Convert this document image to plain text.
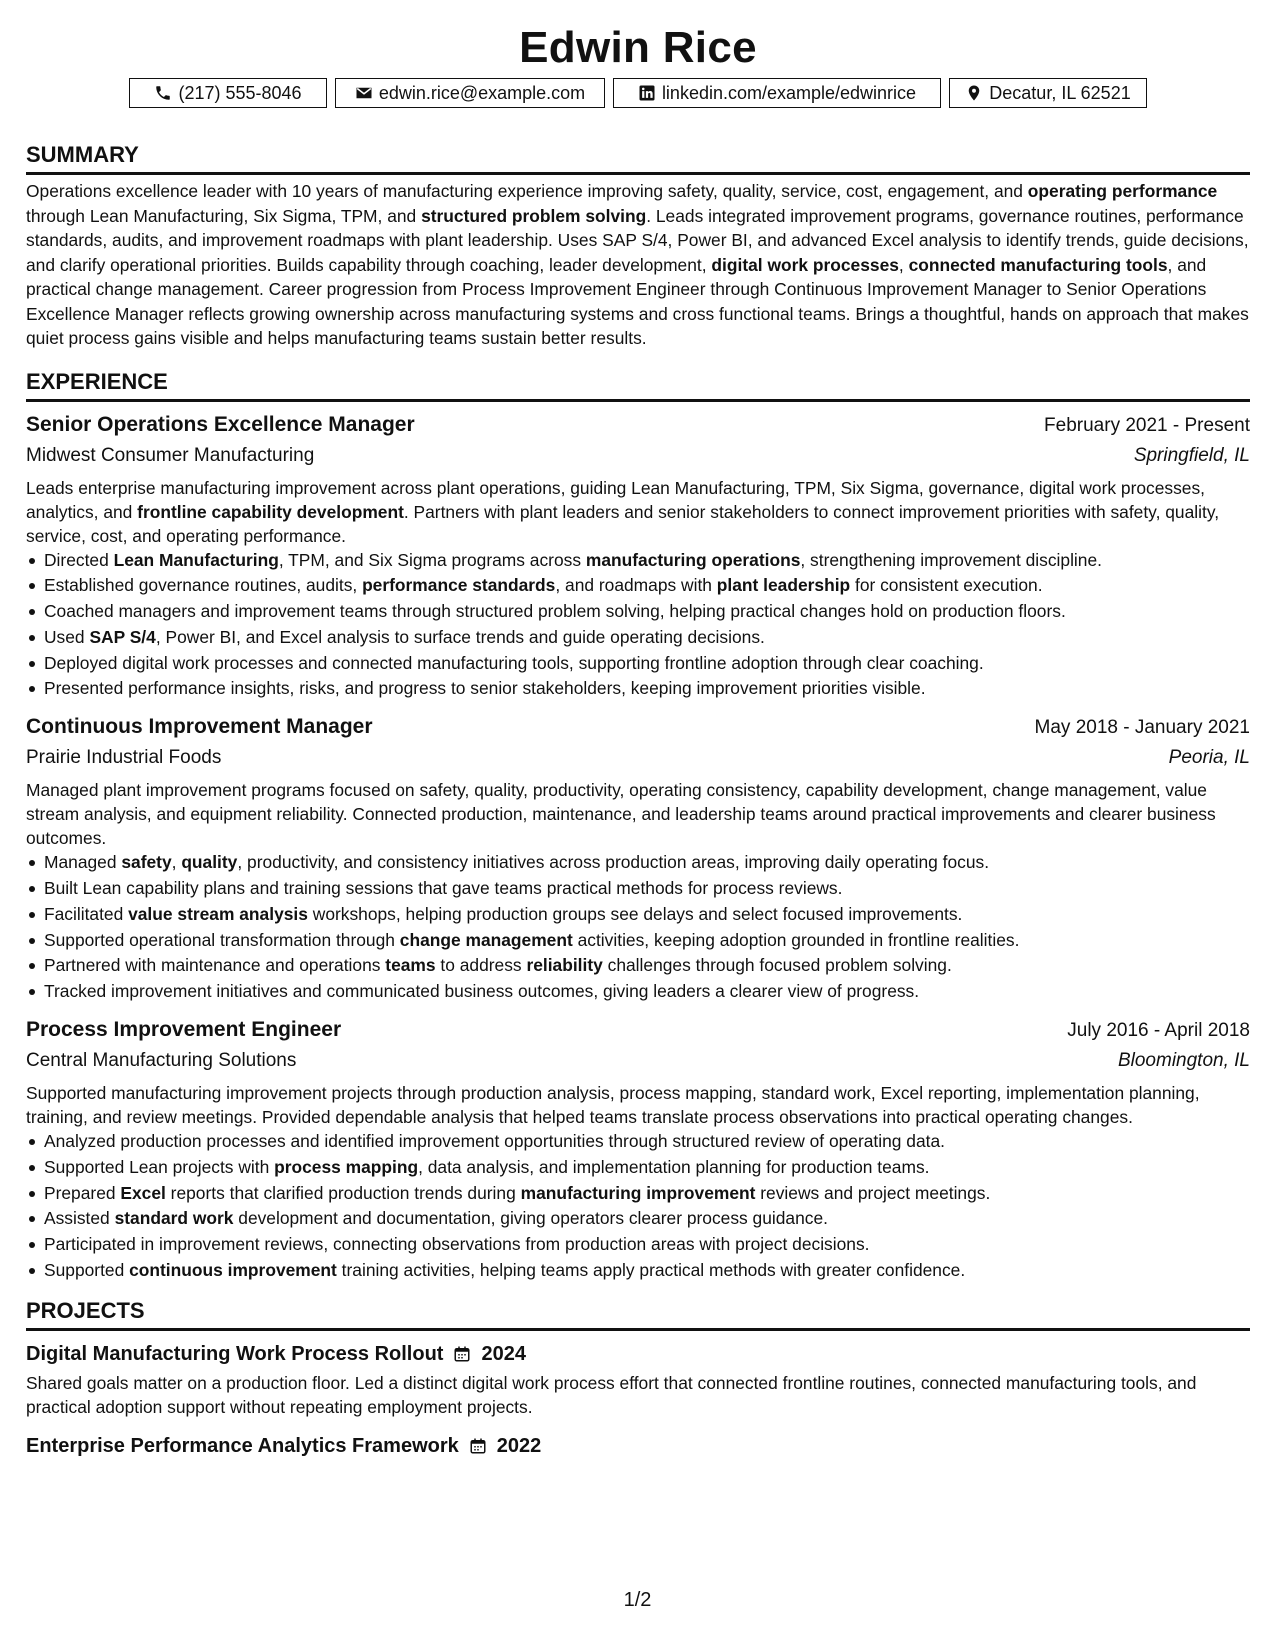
Edwin Rice
(217) 555-8046	edwin.rice@example.com	linkedin.com/example/edwinrice	Decatur, IL 62521
SUMMARY

Operations excellence leader with 10 years of manufacturing experience improving safety, quality, service, cost, engagement, and operating performance through Lean Manufacturing, Six Sigma, TPM, and structured problem solving. Leads integrated improvement programs, governance routines, performance standards, audits, and improvement roadmaps with plant leadership. Uses SAP S/4, Power BI, and advanced Excel analysis to identify trends, guide decisions, and clarify operational priorities. Builds capability through coaching, leader development, digital work processes, connected manufacturing tools, and practical change management. Career progression from Process Improvement Engineer through Continuous Improvement Manager to Senior Operations Excellence Manager reflects growing ownership across manufacturing systems and cross functional teams. Brings a thoughtful, hands on approach that makes quiet process gains visible and helps manufacturing teams sustain better results.

EXPERIENCE
Senior Operations Excellence Manager	February 2021 - Present
Midwest Consumer Manufacturing	Springfield, IL

Leads enterprise manufacturing improvement across plant operations, guiding Lean Manufacturing, TPM, Six Sigma, governance, digital work processes, analytics, and frontline capability development. Partners with plant leaders and senior stakeholders to connect improvement priorities with safety, quality, service, cost, and operating performance.

Directed Lean Manufacturing, TPM, and Six Sigma programs across manufacturing operations, strengthening improvement discipline.
Established governance routines, audits, performance standards, and roadmaps with plant leadership for consistent execution.
Coached managers and improvement teams through structured problem solving, helping practical changes hold on production floors.
Used SAP S/4, Power BI, and Excel analysis to surface trends and guide operating decisions.
Deployed digital work processes and connected manufacturing tools, supporting frontline adoption through clear coaching.
Presented performance insights, risks, and progress to senior stakeholders, keeping improvement priorities visible.
Continuous Improvement Manager	May 2018 - January 2021
Prairie Industrial Foods	Peoria, IL

Managed plant improvement programs focused on safety, quality, productivity, operating consistency, capability development, change management, value stream analysis, and equipment reliability. Connected production, maintenance, and leadership teams around practical improvements and clearer business outcomes.

Managed safety, quality, productivity, and consistency initiatives across production areas, improving daily operating focus.
Built Lean capability plans and training sessions that gave teams practical methods for process reviews.
Facilitated value stream analysis workshops, helping production groups see delays and select focused improvements.
Supported operational transformation through change management activities, keeping adoption grounded in frontline realities.
Partnered with maintenance and operations teams to address reliability challenges through focused problem solving.
Tracked improvement initiatives and communicated business outcomes, giving leaders a clearer view of progress.
Process Improvement Engineer	July 2016 - April 2018
Central Manufacturing Solutions	Bloomington, IL

Supported manufacturing improvement projects through production analysis, process mapping, standard work, Excel reporting, implementation planning, training, and review meetings. Provided dependable analysis that helped teams translate process observations into practical operating changes.

Analyzed production processes and identified improvement opportunities through structured review of operating data.
Supported Lean projects with process mapping, data analysis, and implementation planning for production teams.
Prepared Excel reports that clarified production trends during manufacturing improvement reviews and project meetings.
Assisted standard work development and documentation, giving operators clearer process guidance.
Participated in improvement reviews, connecting observations from production areas with project decisions.
Supported continuous improvement training activities, helping teams apply practical methods with greater confidence.
PROJECTS
Digital Manufacturing Work Process Rollout 2024

Shared goals matter on a production floor. Led a distinct digital work process effort that connected frontline routines, connected manufacturing tools, and practical adoption support without repeating employment projects.

Enterprise Performance Analytics Framework 2022
1/2
